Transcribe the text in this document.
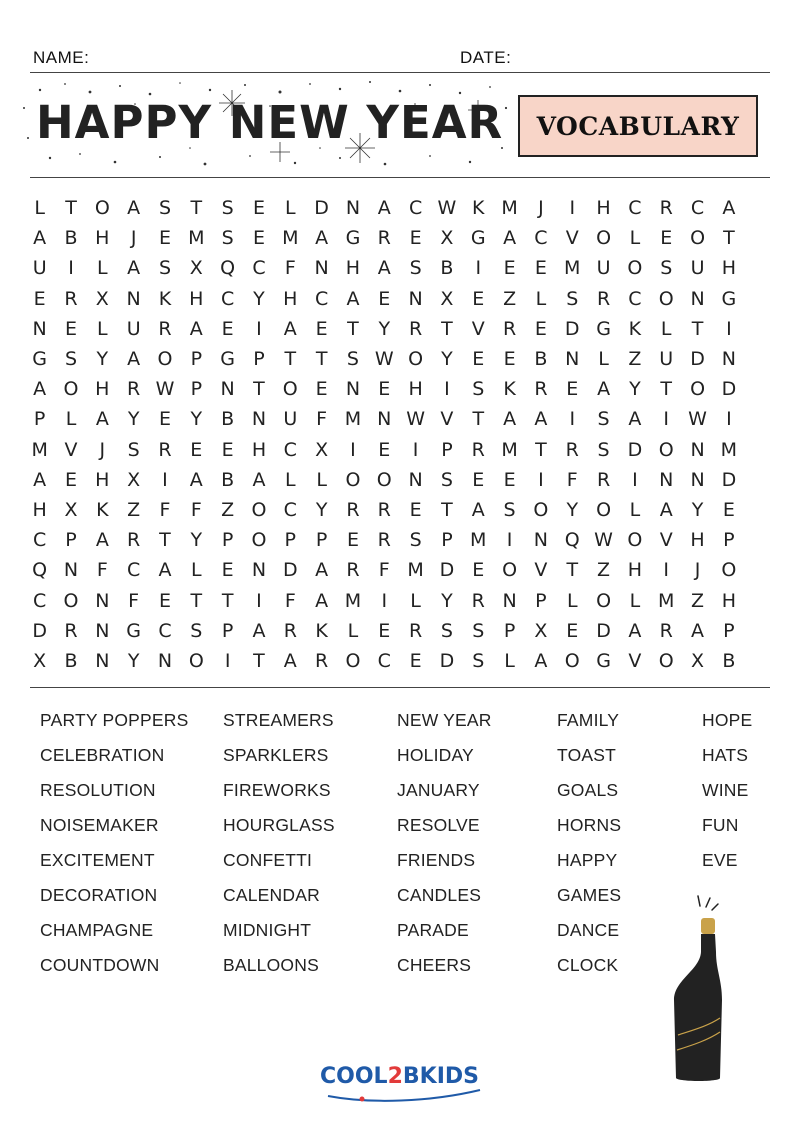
NAME:	DATE:
HAPPY NEW YEAR VOCABULARY
L	T O A S	T	S	E	L D N A C W K M	J	I	H C R C A
A B H	J	E M S	E M A G R E X G A C V O L	E O T
U	I	L	A S X Q C	F N H A S B	I	E	E M U O S U H
E R X N K H C Y H C A E N X E Z	L	S R C O N G
N E	L	U R A E	I	A E	T	Y R T	V R E D G K	L	T	I
G S	Y	A O P G P	T	T	S W O Y	E	E B N L	Z U D N
A O H R W P N T O E N E H	I	S	K R E A	Y	T O D
P	L	A	Y	E	Y	B N U F M N W V	T	A A	I	S A	I	W	I
M V	J	S R E	E H C X	I	E	I	P	R M T R S D O N M
A E H X	I	A B A	L	L O O N S	E	E	I	F	R	I	N N D
H X K Z	F	F	Z O C Y R R E	T	A S O Y O L	A	Y	E
C P	A R T	Y	P O P	P	E R S	P M	I	N Q W O V H P
Q N F	C A	L	E N D A R	F M D E O V	T	Z H	I	J	O
C O N F	E	T	T	I	F	A M	I	L	Y R N P	L O L M Z H
D R N G C S	P	A R K	L	E R S	S	P	X E D A R A	P
X B N Y N O	I	T	A R O C E D S	L	A O G V O X B
PARTY POPPERS
CELEBRATION
RESOLUTION
NOISEMAKER
EXCITEMENT
DECORATION
CHAMPAGNE
COUNTDOWN
STREAMERS
SPARKLERS
FIREWORKS
HOURGLASS
CONFETTI
CALENDAR
MIDNIGHT
BALLOONS
NEW YEAR
HOLIDAY
JANUARY
RESOLVE
FRIENDS
CANDLES
PARADE
CHEERS
FAMILY
TOAST
GOALS
HORNS
HAPPY
GAMES
DANCE
CLOCK
HOPE
HATS
WINE
FUN
EVE
COOL2BKIDS
